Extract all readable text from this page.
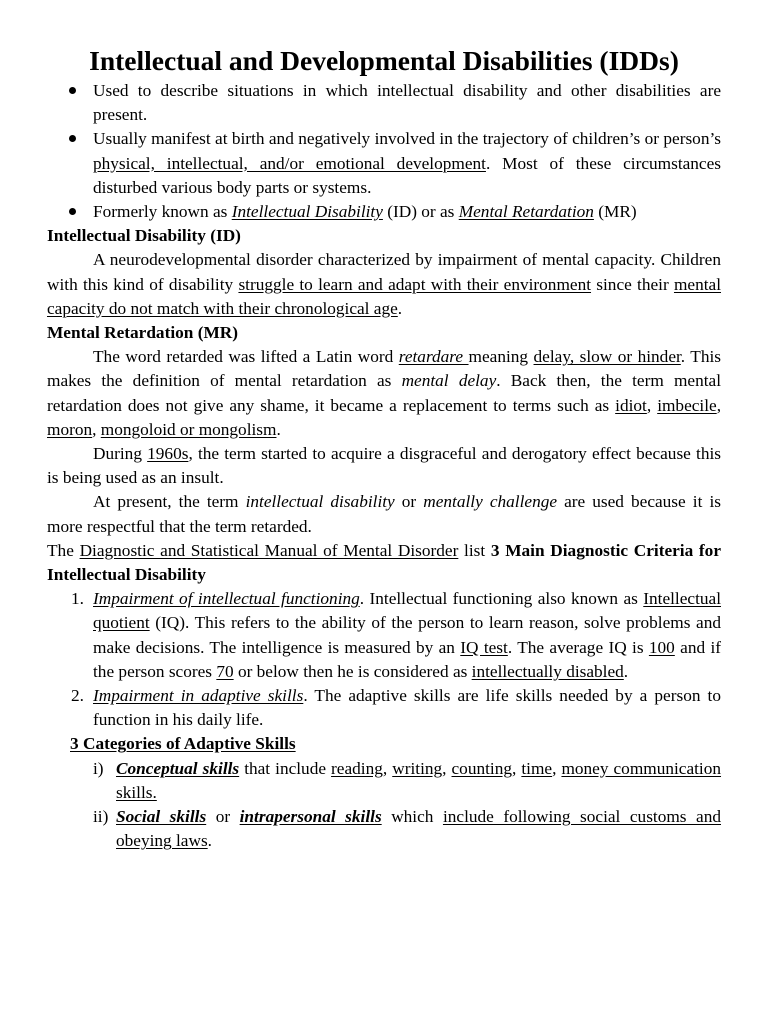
Intellectual and Developmental Disabilities (IDDs)
Used to describe situations in which intellectual disability and other disabilities are present.
Usually manifest at birth and negatively involved in the trajectory of children’s or person’s physical, intellectual, and/or emotional development. Most of these circumstances disturbed various body parts or systems.
Formerly known as Intellectual Disability (ID) or as Mental Retardation (MR)

Intellectual Disability (ID)

A neurodevelopmental disorder characterized by impairment of mental capacity. Children with this kind of disability struggle to learn and adapt with their environment since their mental capacity do not match with their chronological age.

Mental Retardation (MR)

The word retarded was lifted a Latin word retardare meaning delay, slow or hinder. This makes the definition of mental retardation as mental delay. Back then, the term mental retardation does not give any shame, it became a replacement to terms such as idiot, imbecile, moron, mongoloid or mongolism.

During 1960s, the term started to acquire a disgraceful and derogatory effect because this is being used as an insult.

At present, the term intellectual disability or mentally challenge are used because it is more respectful that the term retarded.

The Diagnostic and Statistical Manual of Mental Disorder list 3 Main Diagnostic Criteria for Intellectual Disability

1. Impairment of intellectual functioning. Intellectual functioning also known as Intellectual quotient (IQ). This refers to the ability of the person to learn reason, solve problems and make decisions. The intelligence is measured by an IQ test. The average IQ is 100 and if the person scores 70 or below then he is considered as intellectually disabled.
2. Impairment in adaptive skills. The adaptive skills are life skills needed by a person to function in his daily life.

3 Categories of Adaptive Skills

i) Conceptual skills that include reading, writing, counting, time, money communication skills.
ii) Social skills or intrapersonal skills which include following social customs and obeying laws.
